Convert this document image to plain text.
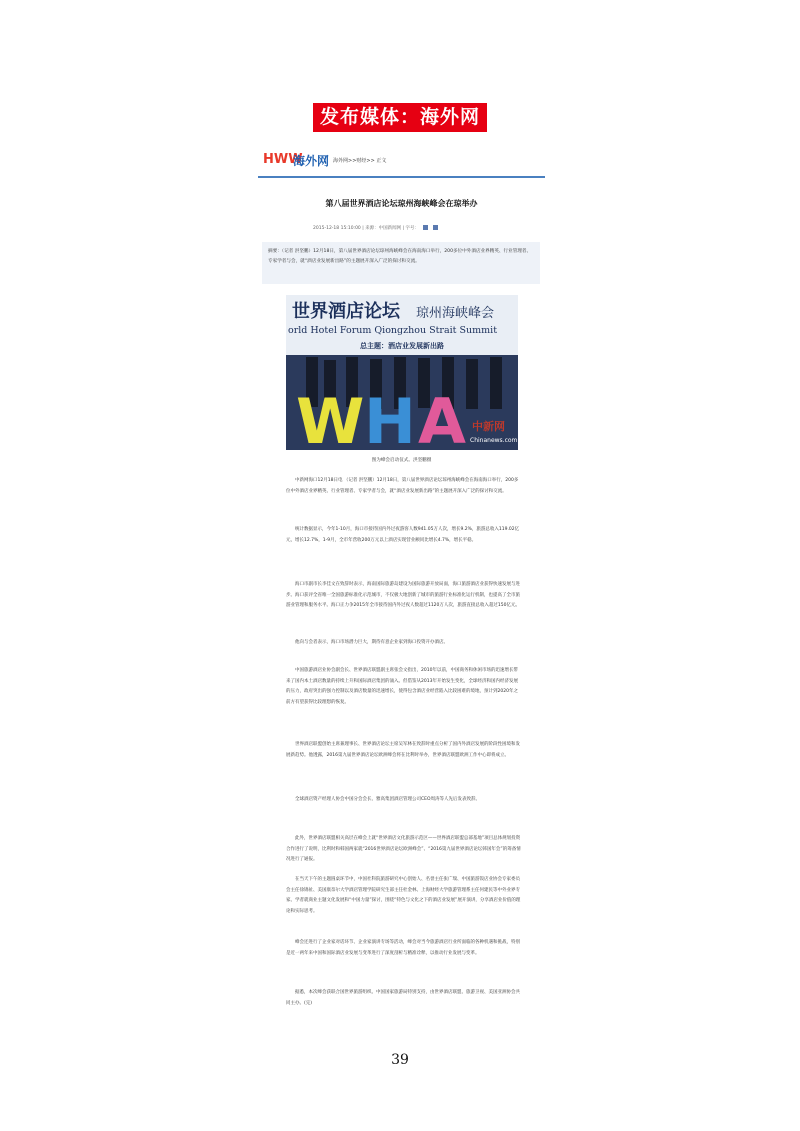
发布媒体：海外网
HWW
海外网 海外网>>财经>> 正文
第八届世界酒店论坛琼州海峡峰会在琼举办
2015-12-18 15:10:00 | 来源：中国新闻网 | 字号：

摘要：（记者 洪坚鹏）12月18日，第八届世界酒店论坛琼州海峡峰会在海南海口举行，200多位中外酒店业界精英、行业管理者、专家学者与会，就“酒店业发展新出路”的主题展开深入广泛的探讨和交流。

世界酒店论坛 琼州海峡峰会
orld Hotel Forum Qiongzhou Strait Summit
总主题：酒店业发展新出路
W H A 中新网
Chinanews.com
图为峰会启动仪式。洪坚鹏摄
中新网海口12月18日电 （记者 洪坚鹏）12月18日，第八届世界酒店论坛琼州海峡峰会在海南海口举行，200多位中外酒店业界精英、行业管理者、专家学者与会，就“酒店业发展新出路”的主题展开深入广泛的探讨和交流。
统计数据显示，今年1-10月，海口市接待国内外过夜游客人数941.05万人次，增长9.2%，旅游总收入119.02亿元，增长12.7%，1-9月，全市年营收200万元以上酒店实现营业额同比增长4.7%，增长平稳。
海口市副市长李佳文在致辞时表示，海南国际旅游岛建设为国际旅游开放局面，海口旅游酒店业获得快速发展与进步。海口获评全省唯一全国旅游标准化示范城市，不仅极大地创新了城市的旅游行业标准化运行机制，也提高了全市旅游业管理和服务水平。海口正力争2015年全市接待国内外过夜人数超过1120万人次，旅游直接总收入超过150亿元。
他向与会者表示，海口市场潜力巨大，期待有意企业家到海口投资开办酒店。
中国旅游酒店业协会副会长、世界酒店联盟副主席张会文指出，2010年以前，中国商务和休闲市场的迅速增长带来了国内本土酒店数量的持续上升和国际酒店集团的涌入。但借鉴从2013年开始发生变化，全球经济和国内经济发展的压力，政府突出的强力控制以及酒店数量的迅速增长，使得包含酒店业经营陷入比较困难的境地，预计到2020年之前方有望获得比较理想的恢复。
世界酒店联盟创始主席兼理事长、世界酒店论坛主席吴军林在致辞时重点分析了国内外酒店发展的阶段性困境和发展新趋势。他透露，2016第九届世界酒店论坛欧洲峰会将在比利时举办，世界酒店联盟欧洲工作中心即将成立。
全球酒店资产经理人协会中国分会会长、雅高集团酒店管理公司CEO周涛等人先后发表致辞。
此外，世界酒店联盟相关高层在峰会上就“世界酒店文化旅游示范区——世界酒店联盟总部基地”项目总体规划投资合作进行了说明，比利时和韩国两家就“2016世界酒店论坛欧洲峰会”、“2016第九届世界酒店论坛韩国年会”的筹备情况进行了通报。
在当天下午的主题圆桌环节中，中国社科院旅游研究中心创始人、名誉主任张广瑞、中国旅游饭店业协会专家委员会主任徐锦祉、美国康奈尔大学酒店管理学院研究生部主任杜金林、上海财经大学旅游管理系主任何建民等中外业界专家、学者就商业主题文化发展和“中国力量”探讨，围绕“特色与文化之下的酒店业发展”展开演讲，分享酒店业价值的理论和实际思考。
峰会还进行了企业家对话环节、企业家演讲专场等活动，峰会对当今旅游酒店行业所面临的各种机遇和挑战，特别是近一两年来中国和国际酒店业发展与变革进行了深度剖析与精准诠释，以推动行业发展与变革。
据悉，本次峰会获联合国世界旅游组织、中国国家旅游局特别支持，由世界酒店联盟、旅游卫视、美国亚洲协会共同主办。(完)
39
